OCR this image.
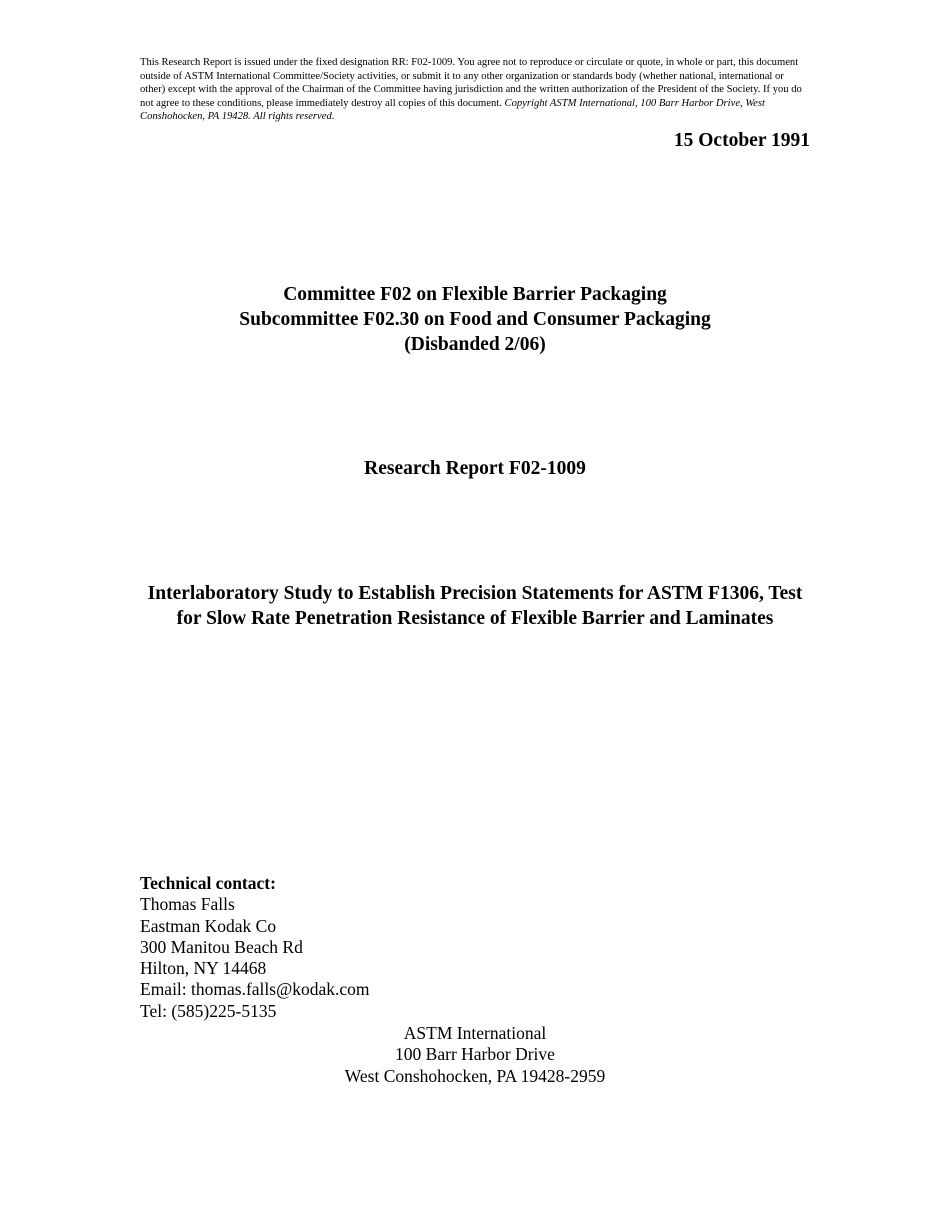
This Research Report is issued under the fixed designation RR: F02-1009. You agree not to reproduce or circulate or quote, in whole or part, this document outside of ASTM International Committee/Society activities, or submit it to any other organization or standards body (whether national, international or other) except with the approval of the Chairman of the Committee having jurisdiction and the written authorization of the President of the Society. If you do not agree to these conditions, please immediately destroy all copies of this document. Copyright ASTM International, 100 Barr Harbor Drive, West Conshohocken, PA 19428. All rights reserved.
15 October 1991
Committee F02 on Flexible Barrier Packaging
Subcommittee F02.30 on Food and Consumer Packaging
(Disbanded 2/06)
Research Report F02-1009
Interlaboratory Study to Establish Precision Statements for ASTM F1306, Test for Slow Rate Penetration Resistance of Flexible Barrier and Laminates
Technical contact:
Thomas Falls
Eastman Kodak Co
300 Manitou Beach Rd
Hilton, NY 14468
Email: thomas.falls@kodak.com
Tel: (585)225-5135
ASTM International
100 Barr Harbor Drive
West Conshohocken, PA 19428-2959
